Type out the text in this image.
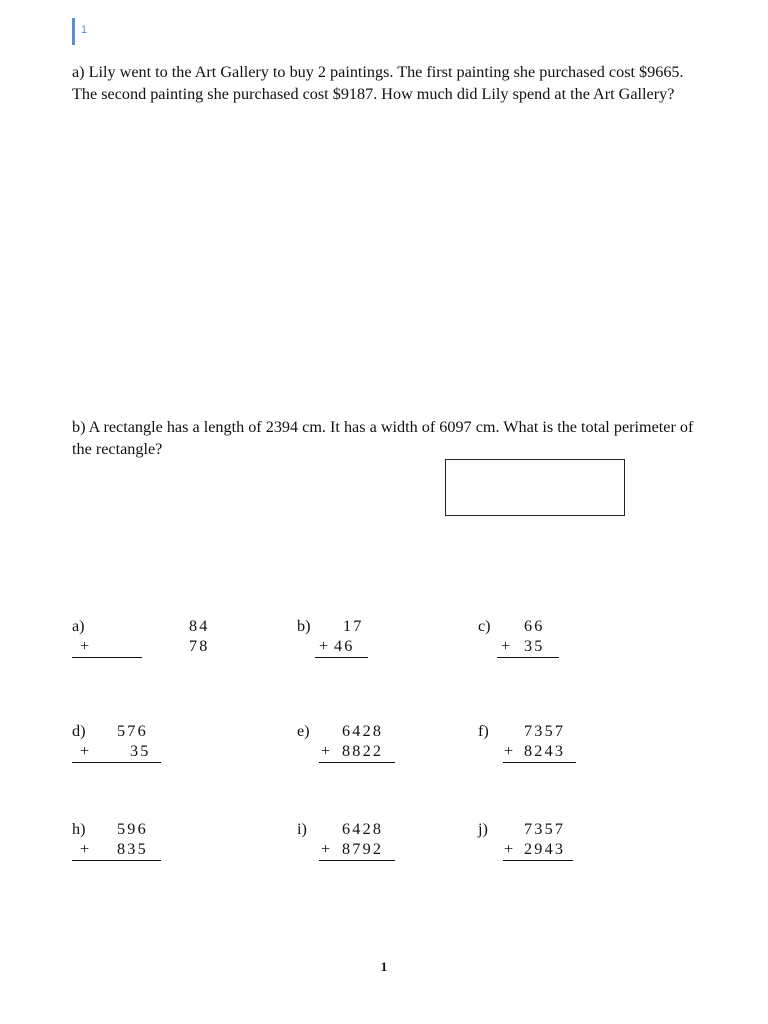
1

a) Lily went to the Art Gallery to buy 2 paintings. The first painting she purchased cost $9665. The second painting she purchased cost $9187. How much did Lily spend at the Art Gallery?

b) A rectangle has a length of 2394 cm. It has a width of 6097 cm. What is the total perimeter of the rectangle?

a)
+
84
78
b)
+
17
46
c)
+
66
35
d)
+
576
35
e)
+
6428
8822
f)
+
7357
8243
h)
+
596
835
i)
+
6428
8792
j)
+
7357
2943
1
